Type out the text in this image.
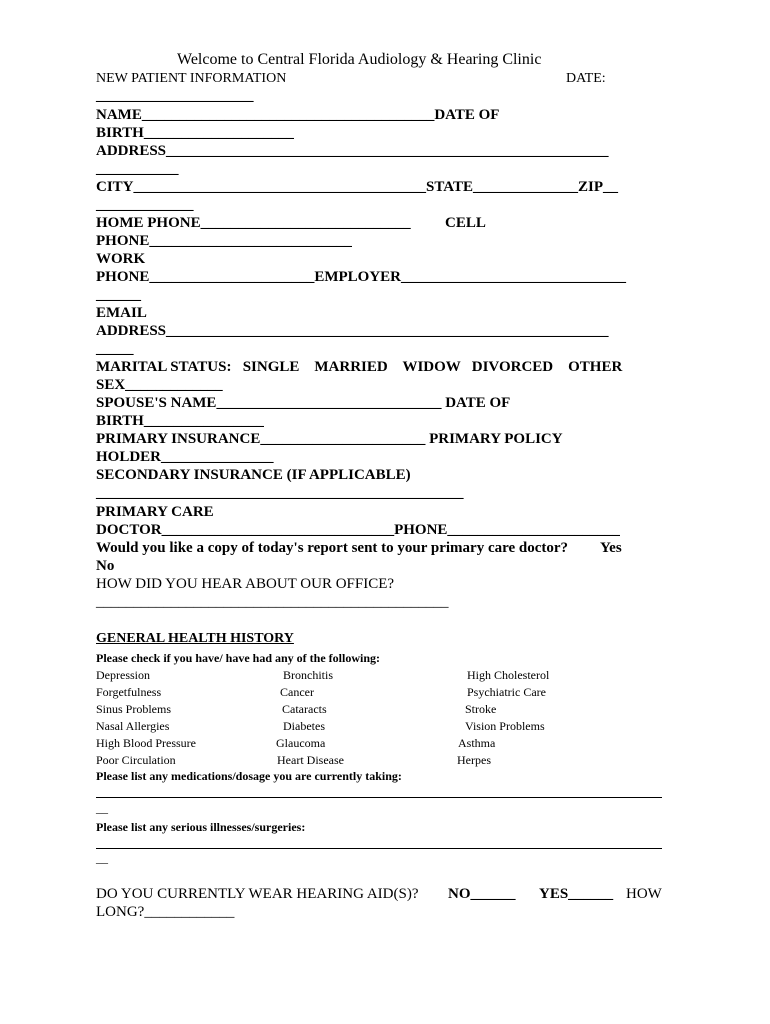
Welcome to Central Florida Audiology & Hearing Clinic
NEW PATIENT INFORMATION	DATE:
_____________________
NAME_______________________________________DATE OF
BIRTH____________________
ADDRESS___________________________________________________________
___________
CITY_______________________________________STATE______________ZIP__
_____________
HOME PHONE____________________________ CELL
PHONE___________________________
WORK
PHONE______________________EMPLOYER______________________________
______
EMAIL
ADDRESS___________________________________________________________
_____
MARITAL STATUS:   SINGLE    MARRIED    WIDOW   DIVORCED    OTHER
SEX_____________
SPOUSE'S NAME______________________________ DATE OF
BIRTH________________
PRIMARY INSURANCE______________________ PRIMARY POLICY
HOLDER_______________
SECONDARY INSURANCE (IF APPLICABLE)
_________________________________________________
PRIMARY CARE
DOCTOR_______________________________PHONE_______________________
Would you like a copy of today's report sent to your primary care doctor? Yes
No
HOW DID YOU HEAR ABOUT OUR OFFICE?
_______________________________________________
GENERAL HEALTH HISTORY
Please check if you have/ have had any of the following:
Depression
Forgetfulness
Sinus Problems
Nasal Allergies
High Blood Pressure
Poor Circulation
Bronchitis
Cancer
Cataracts
Diabetes
Glaucoma
Heart Disease
High Cholesterol
Psychiatric Care
Stroke
Vision Problems
Asthma
Herpes
Please list any medications/dosage you are currently taking:
__
Please list any serious illnesses/surgeries:
__
DO YOU CURRENTLY WEAR HEARING AID(S)? NO______ YES______ HOW
LONG?____________
